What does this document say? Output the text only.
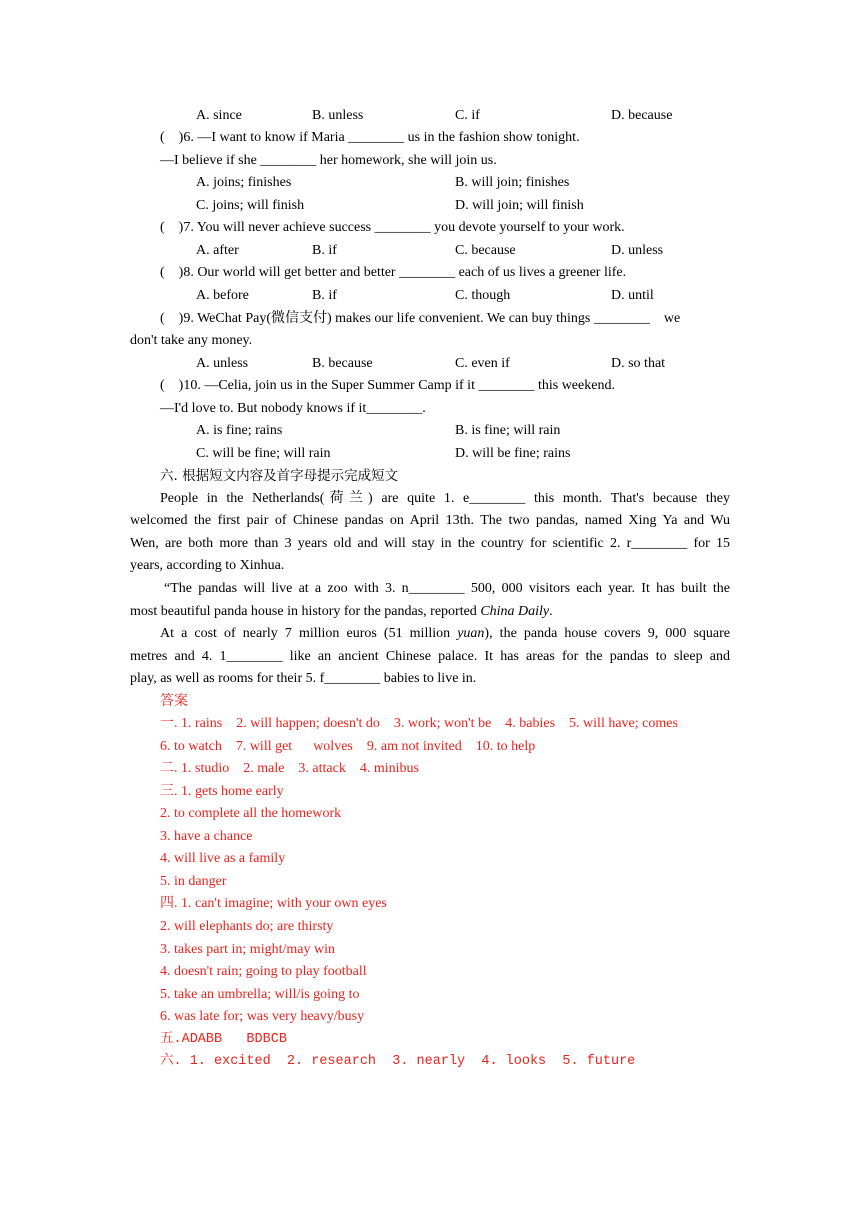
A. since	B. unless	C. if	D. because
(    )6. —I want to know if Maria ________ us in the fashion show tonight.
—I believe if she ________ her homework, she will join us.
A. joins; finishes	B. will join; finishes
C. joins; will finish	D. will join; will finish
(    )7. You will never achieve success ________ you devote yourself to your work.
A. after	B. if	C. because	D. unless
(    )8. Our world will get better and better ________ each of us lives a greener life.
A. before	B. if	C. though	D. until
(    )9. WeChat Pay(微信支付) makes our life convenient. We can buy things ________    we
don't take any money.
A. unless	B. because	C. even if	D. so that
(    )10. —Celia, join us in the Super Summer Camp if it ________ this weekend.
—I'd love to. But nobody knows if it________.
A. is fine; rains	B. is fine; will rain
C. will be fine; will rain	D. will be fine; rains
六. 根据短文内容及首字母提示完成短文
People in the Netherlands(荷兰) are quite 1. e________ this month. That's because they
welcomed the first pair of Chinese pandas on April 13th. The two pandas, named Xing Ya and Wu
Wen, are both more than 3 years old and will stay in the country for scientific 2. r________ for 15
years, according to Xinhua.
“The pandas will live at a zoo with 3. n________ 500, 000 visitors each year. It has built the
most beautiful panda house in history for the pandas, reported China Daily.
At a cost of nearly 7 million euros (51 million yuan), the panda house covers 9, 000 square
metres and 4. 1________ like an ancient Chinese palace. It has areas for the pandas to sleep and
play, as well as rooms for their 5. f________ babies to live in.
答案
一. 1. rains    2. will happen; doesn't do    3. work; won't be    4. babies    5. will have; comes
6. to watch    7. will get      wolves    9. am not invited    10. to help
二. 1. studio    2. male    3. attack    4. minibus
三. 1. gets home early
2. to complete all the homework
3. have a chance
4. will live as a family
5. in danger
四. 1. can't imagine; with your own eyes
2. will elephants do; are thirsty
3. takes part in; might/may win
4. doesn't rain; going to play football
5. take an umbrella; will/is going to
6. was late for; was very heavy/busy
五.ADABB   BDBCB
六. 1. excited  2. research  3. nearly  4. looks  5. future
